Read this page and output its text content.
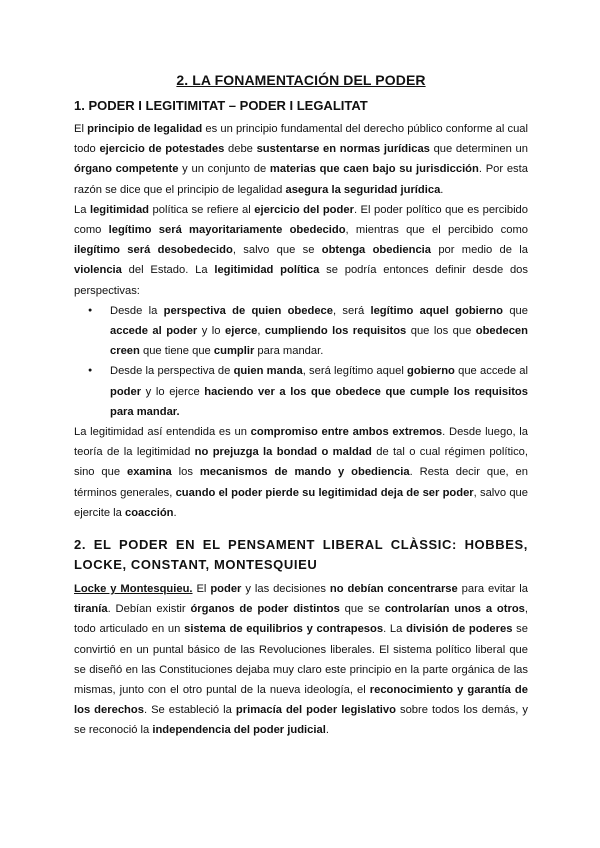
2. LA FONAMENTACIÓN DEL PODER
1. PODER I LEGITIMITAT – PODER I LEGALITAT

El principio de legalidad es un principio fundamental del derecho público conforme al cual todo ejercicio de potestades debe sustentarse en normas jurídicas que determinen un órgano competente y un conjunto de materias que caen bajo su jurisdicción. Por esta razón se dice que el principio de legalidad asegura la seguridad jurídica.

La legitimidad política se refiere al ejercicio del poder. El poder político que es percibido como legítimo será mayoritariamente obedecido, mientras que el percibido como ilegítimo será desobedecido, salvo que se obtenga obediencia por medio de la violencia del Estado. La legitimidad política se podría entonces definir desde dos perspectivas:

● Desde la perspectiva de quien obedece, será legítimo aquel gobierno que accede al poder y lo ejerce, cumpliendo los requisitos que los que obedecen creen que tiene que cumplir para mandar.
● Desde la perspectiva de quien manda, será legítimo aquel gobierno que accede al poder y lo ejerce haciendo ver a los que obedece que cumple los requisitos para mandar.

La legitimidad así entendida es un compromiso entre ambos extremos. Desde luego, la teoría de la legitimidad no prejuzga la bondad o maldad de tal o cual régimen político, sino que examina los mecanismos de mando y obediencia. Resta decir que, en términos generales, cuando el poder pierde su legitimidad deja de ser poder, salvo que ejercite la coacción.

2. EL PODER EN EL PENSAMENT LIBERAL CLÀSSIC: HOBBES, LOCKE, CONSTANT, MONTESQUIEU

Locke y Montesquieu. El poder y las decisiones no debían concentrarse para evitar la tiranía. Debían existir órganos de poder distintos que se controlarían unos a otros, todo articulado en un sistema de equilibrios y contrapesos. La división de poderes se convirtió en un puntal básico de las Revoluciones liberales. El sistema político liberal que se diseñó en las Constituciones dejaba muy claro este principio en la parte orgánica de las mismas, junto con el otro puntal de la nueva ideología, el reconocimiento y garantía de los derechos. Se estableció la primacía del poder legislativo sobre todos los demás, y se reconoció la independencia del poder judicial.
